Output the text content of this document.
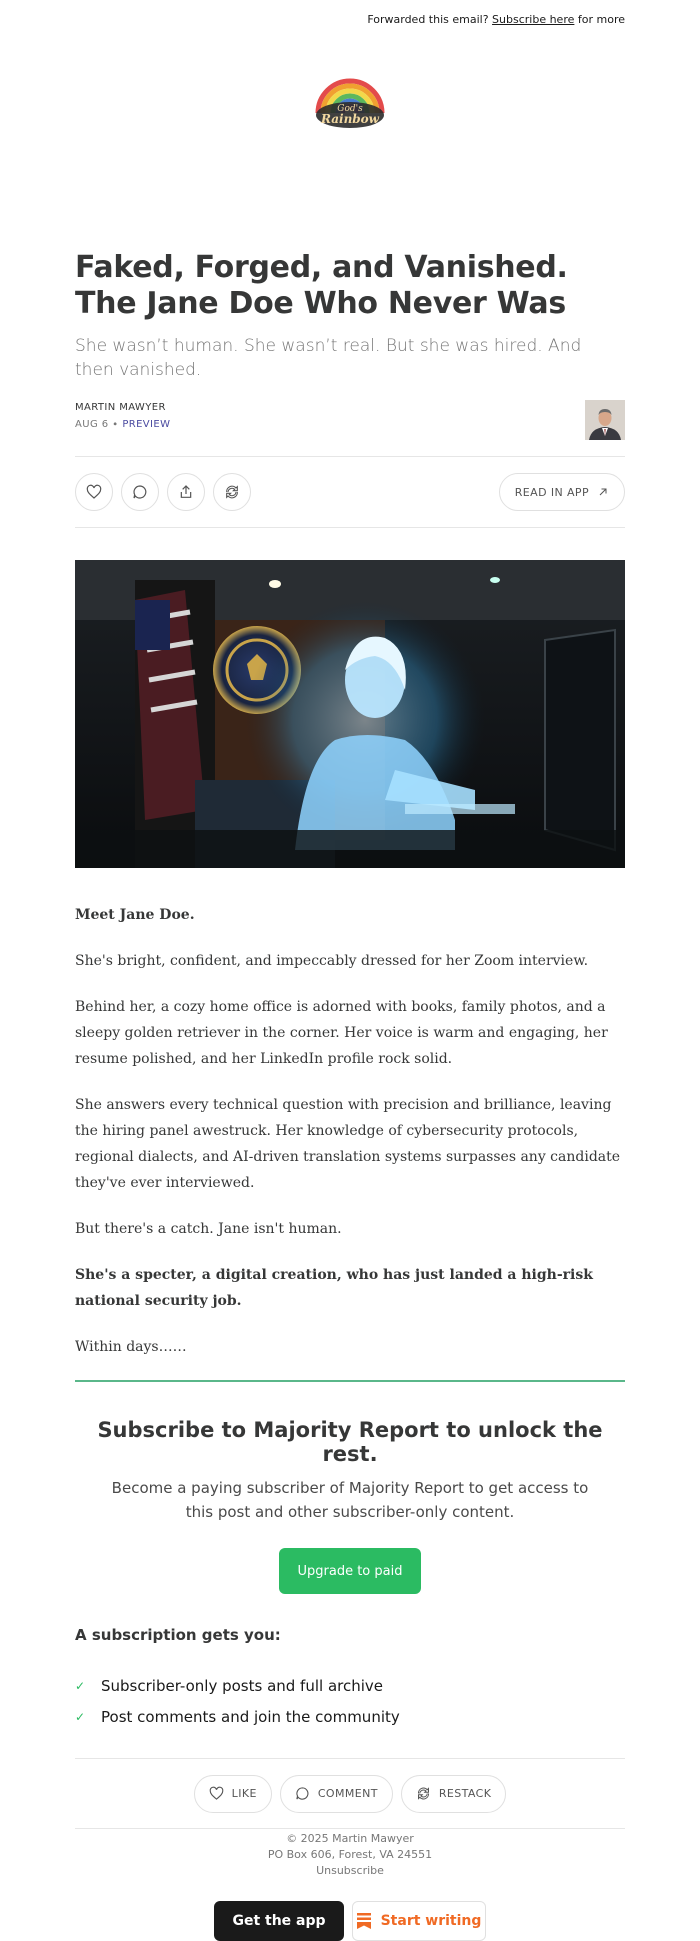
Forwarded this email? Subscribe here for more
God's
Rainbow
Faked, Forged, and Vanished. The Jane Doe Who Never Was
She wasn’t human. She wasn’t real. But she was hired. And then vanished.
MARTIN MAWYER
AUG 6 ∙ PREVIEW
READ IN APP

Meet Jane Doe.

She's bright, confident, and impeccably dressed for her Zoom interview.

Behind her, a cozy home office is adorned with books, family photos, and a sleepy golden retriever in the corner. Her voice is warm and engaging, her resume polished, and her LinkedIn profile rock solid.

She answers every technical question with precision and brilliance, leaving the hiring panel awestruck. Her knowledge of cybersecurity protocols, regional dialects, and AI-driven translation systems surpasses any candidate they've ever interviewed.

But there's a catch. Jane isn't human.

She's a specter, a digital creation, who has just landed a high-risk national security job.

Within days……

Subscribe to Majority Report to unlock the rest.
Become a paying subscriber of Majority Report to get access to this post and other subscriber-only content.
Upgrade to paid
A subscription gets you:
✓ Subscriber-only posts and full archive
✓ Post comments and join the community
LIKE	COMMENT	RESTACK
© 2025 Martin Mawyer
PO Box 606, Forest, VA 24551
Unsubscribe
Get the app	Start writing
